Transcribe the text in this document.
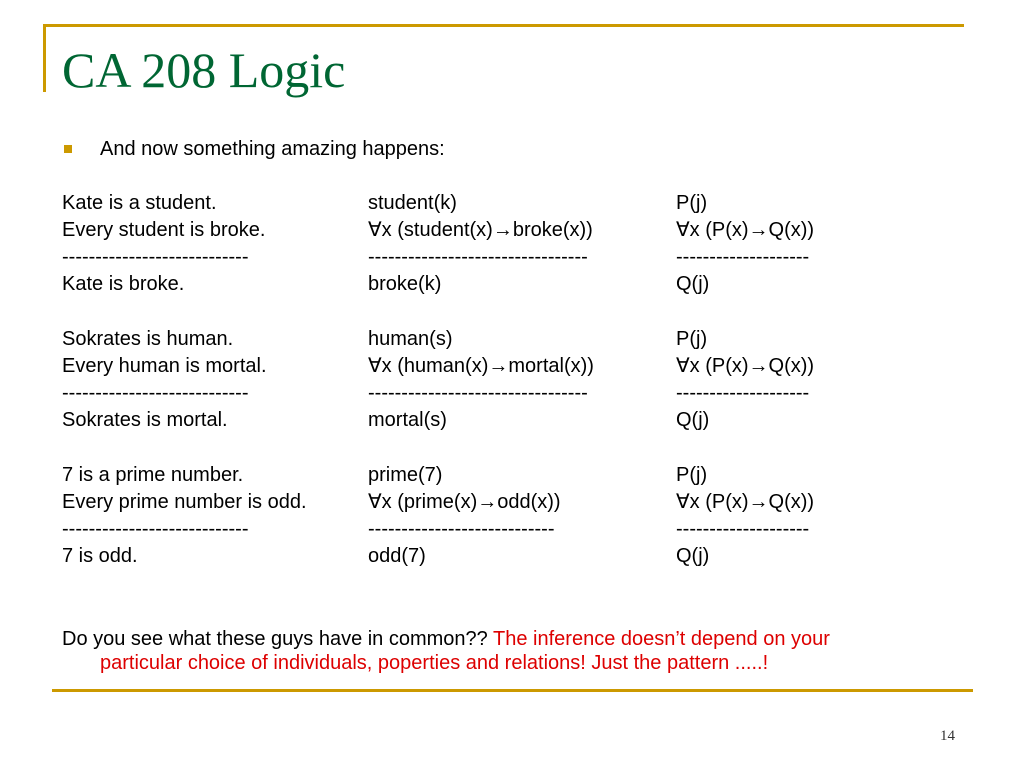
CA 208 Logic
And now something amazing happens:
Kate is a student.	student(k)	P(j)
Every student is broke.	∀x (student(x)→broke(x))	∀x (P(x)→Q(x))
----------------------------	---------------------------------	--------------------
Kate is broke.	broke(k)	Q(j)
Sokrates is human.	human(s)	P(j)
Every human is mortal.	∀x (human(x)→mortal(x))	∀x (P(x)→Q(x))
----------------------------	---------------------------------	--------------------
Sokrates is mortal.	mortal(s)	Q(j)
7 is a prime number.	prime(7)	P(j)
Every prime number is odd.	∀x (prime(x)→odd(x))	∀x (P(x)→Q(x))
----------------------------	----------------------------	--------------------
7 is odd.	odd(7)	Q(j)
Do you see what these guys have in common?? The inference doesn’t depend on your
particular choice of individuals, poperties and relations! Just the pattern .....!
14
